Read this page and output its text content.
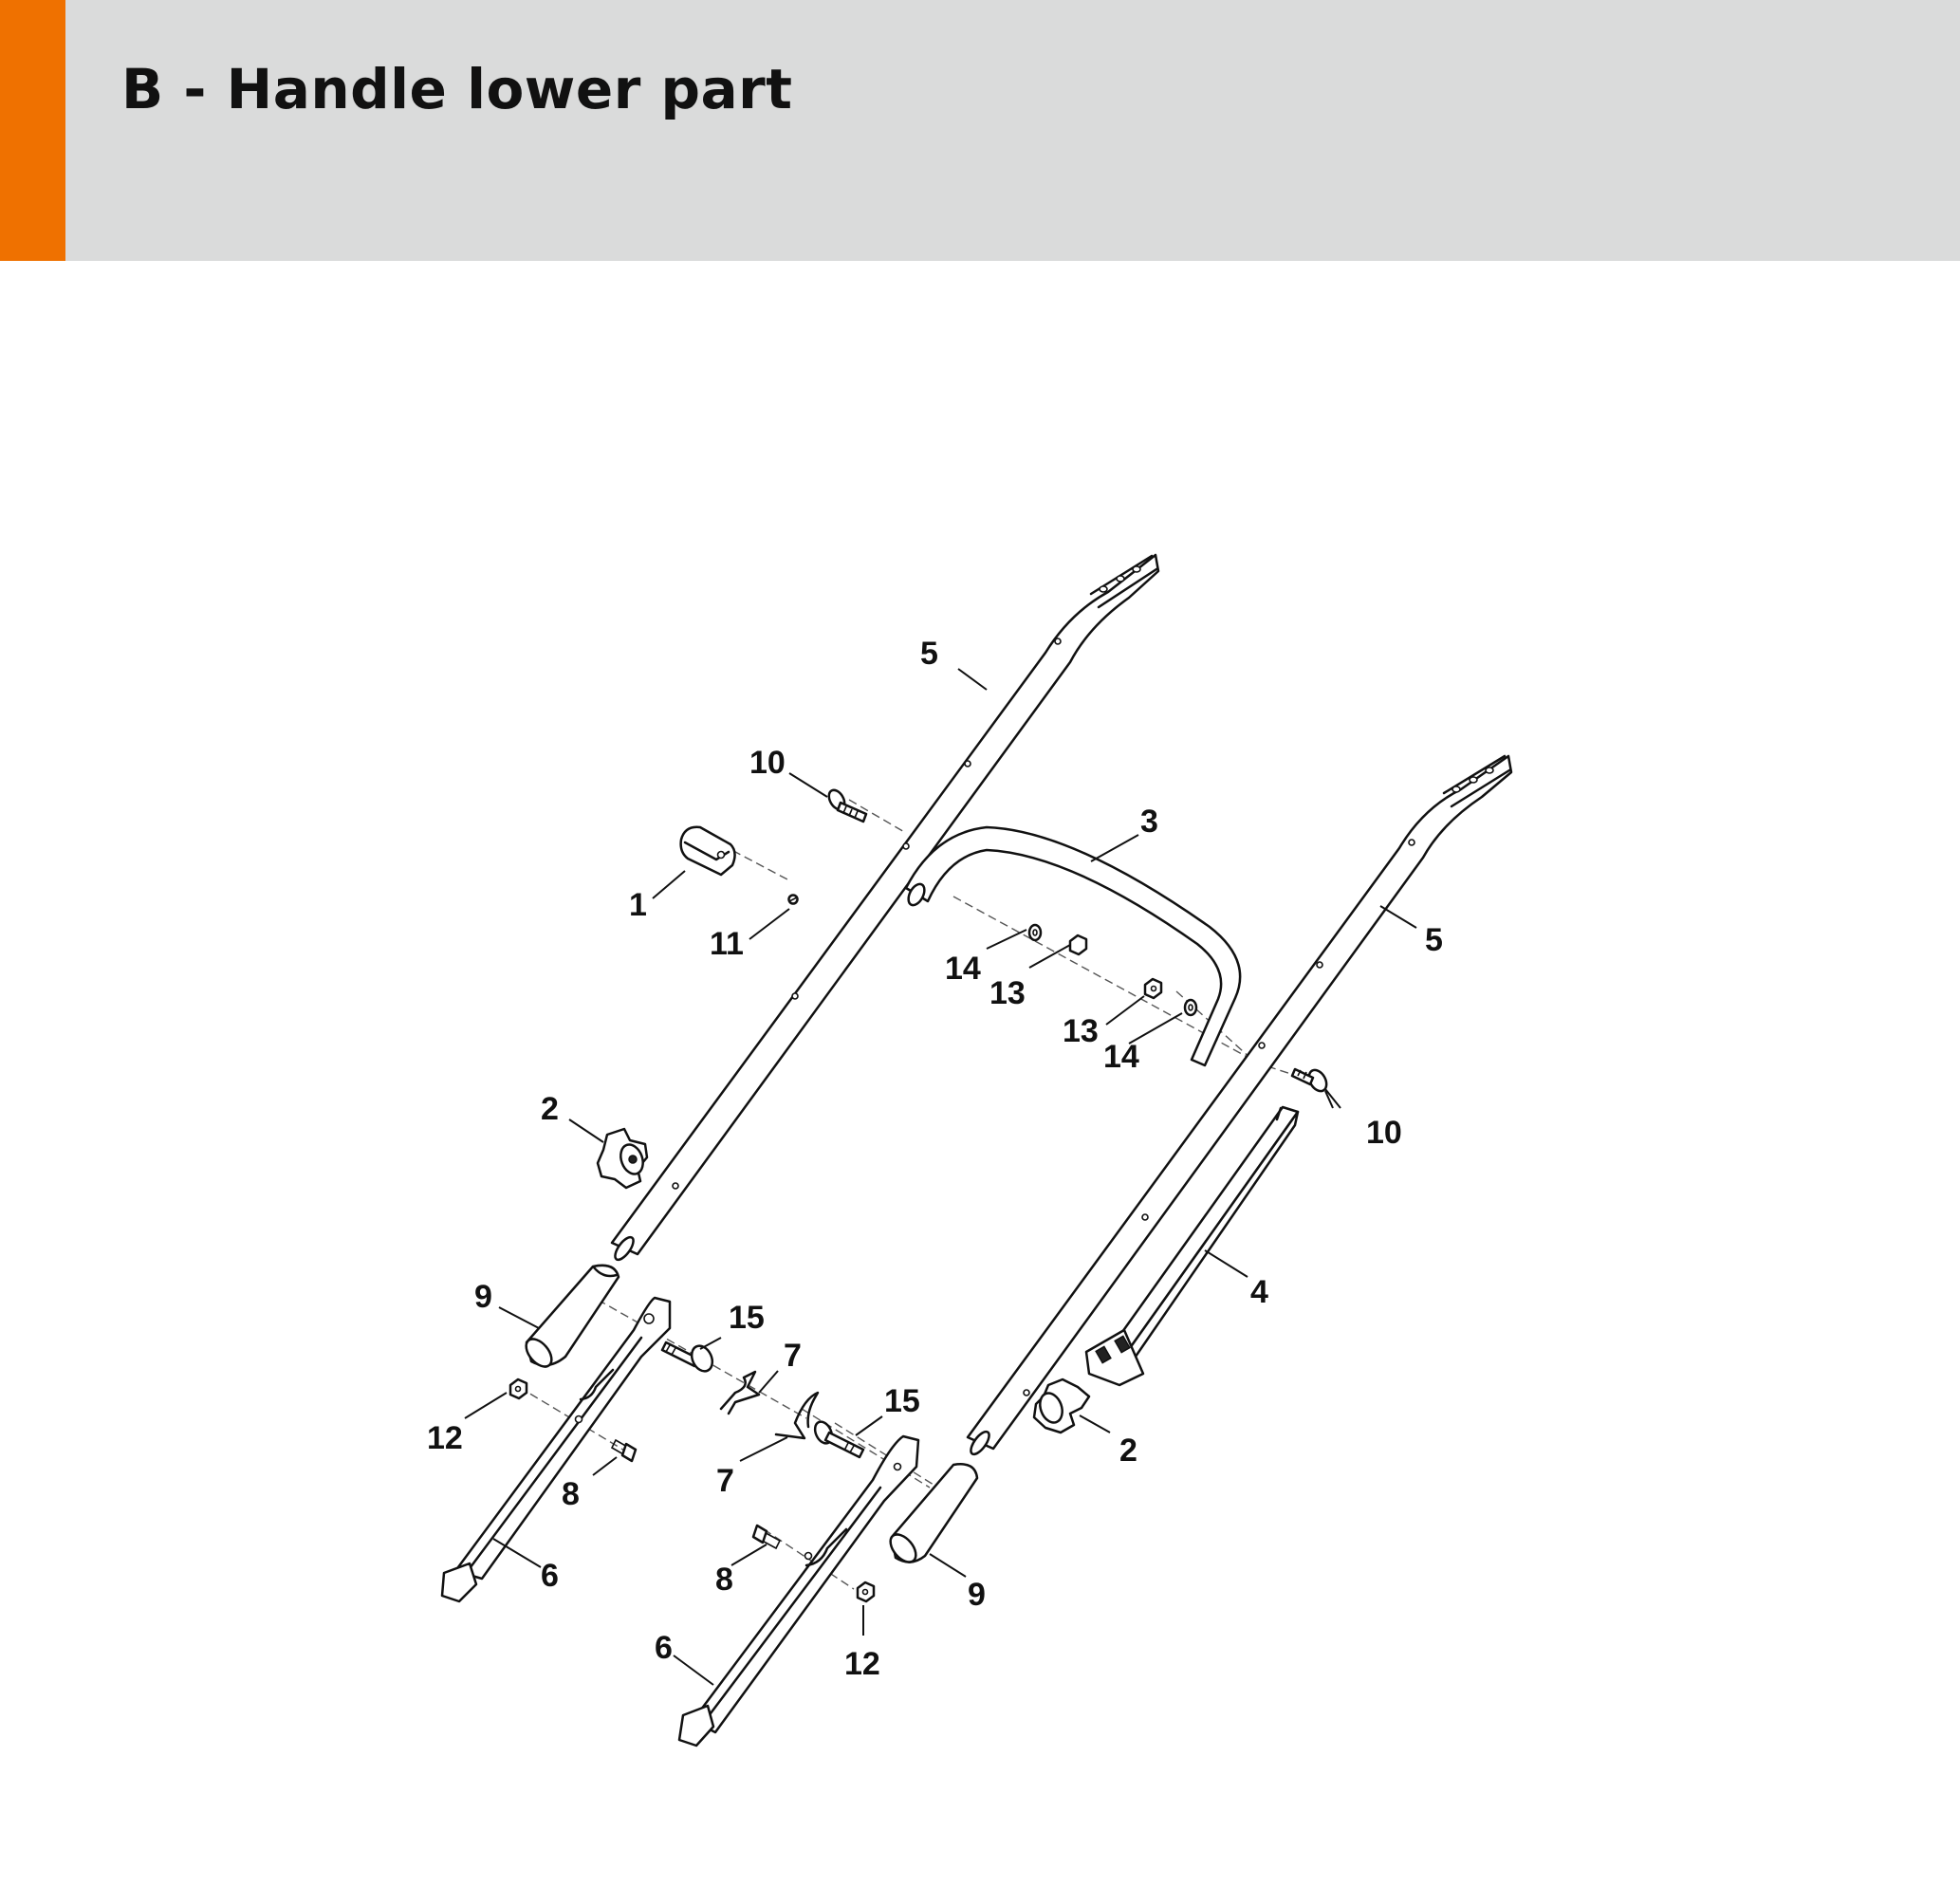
B - Handle lower part
5
10
3
1
11
14
13
5
13
14
10
2
4
9
15
7
12	2
15
8	7
6	8	9
6	12
